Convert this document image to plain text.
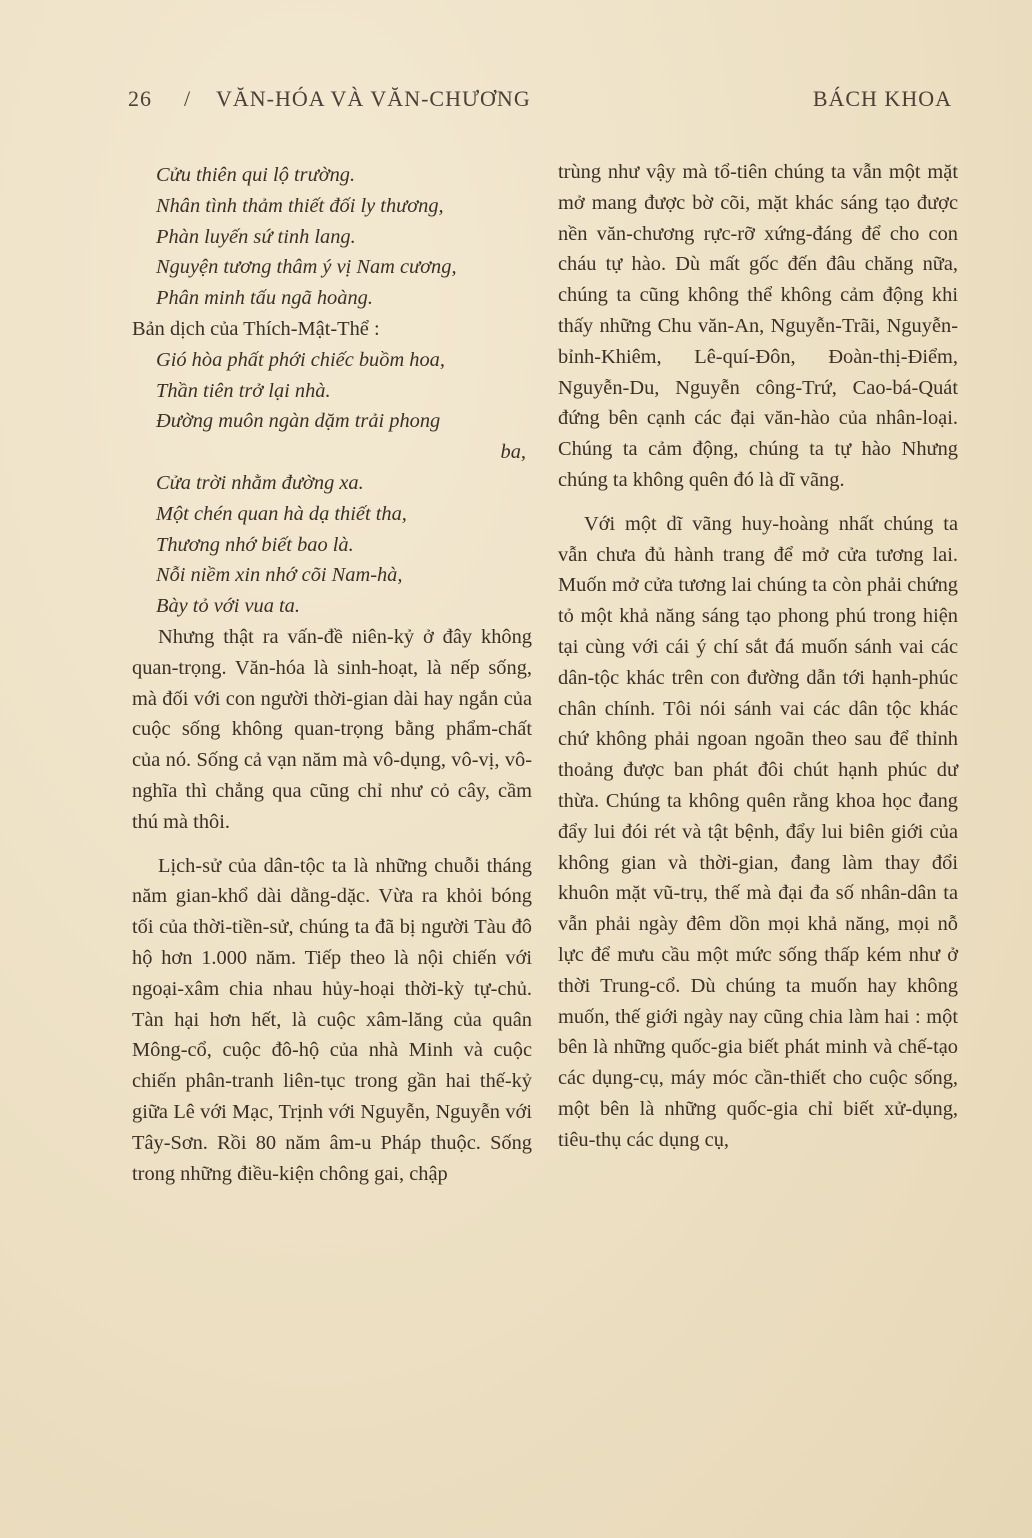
26 / VĂN-HÓA VÀ VĂN-CHƯƠNG	BÁCH KHOA
Cửu thiên qui lộ trường.
Nhân tình thảm thiết đối ly thương,
Phàn luyến sứ tinh lang.
Nguyện tương thâm ý vị Nam cương,
Phân minh tấu ngã hoàng.

Bản dịch của Thích-Mật-Thể :

Gió hòa phất phới chiếc buồm hoa,
Thần tiên trở lại nhà.
Đường muôn ngàn dặm trải phong
ba,
Cửa trời nhằm đường xa.
Một chén quan hà dạ thiết tha,
Thương nhớ biết bao là.
Nỗi niềm xin nhớ cõi Nam-hà,
Bày tỏ với vua ta.

Nhưng thật ra vấn-đề niên-kỷ ở đây không quan-trọng. Văn-hóa là sinh-hoạt, là nếp sống, mà đối với con người thời-gian dài hay ngắn của cuộc sống không quan-trọng bằng phẩm-chất của nó. Sống cả vạn năm mà vô-dụng, vô-vị, vô-nghĩa thì chẳng qua cũng chỉ như cỏ cây, cầm thú mà thôi.

Lịch-sử của dân-tộc ta là những chuỗi tháng năm gian-khổ dài dằng-dặc. Vừa ra khỏi bóng tối của thời-tiền-sử, chúng ta đã bị người Tàu đô hộ hơn 1.000 năm. Tiếp theo là nội chiến với ngoại-xâm chia nhau hủy-hoại thời-kỳ tự-chủ. Tàn hại hơn hết, là cuộc xâm-lăng của quân Mông-cổ, cuộc đô-hộ của nhà Minh và cuộc chiến phân-tranh liên-tục trong gần hai thế-kỷ giữa Lê với Mạc, Trịnh với Nguyễn, Nguyễn với Tây-Sơn. Rồi 80 năm âm-u Pháp thuộc. Sống trong những điều-kiện chông gai, chập

trùng như vậy mà tổ-tiên chúng ta vẫn một mặt mở mang được bờ cõi, mặt khác sáng tạo được nền văn-chương rực-rỡ xứng-đáng để cho con cháu tự hào. Dù mất gốc đến đâu chăng nữa, chúng ta cũng không thể không cảm động khi thấy những Chu văn-An, Nguyễn-Trãi, Nguyễn-bỉnh-Khiêm, Lê-quí-Đôn, Đoàn-thị-Điểm, Nguyễn-Du, Nguyễn công-Trứ, Cao-bá-Quát đứng bên cạnh các đại văn-hào của nhân-loại. Chúng ta cảm động, chúng ta tự hào Nhưng chúng ta không quên đó là dĩ vãng.

Với một dĩ vãng huy-hoàng nhất chúng ta vẫn chưa đủ hành trang để mở cửa tương lai. Muốn mở cửa tương lai chúng ta còn phải chứng tỏ một khả năng sáng tạo phong phú trong hiện tại cùng với cái ý chí sắt đá muốn sánh vai các dân-tộc khác trên con đường dẫn tới hạnh-phúc chân chính. Tôi nói sánh vai các dân tộc khác chứ không phải ngoan ngoãn theo sau để thỉnh thoảng được ban phát đôi chút hạnh phúc dư thừa. Chúng ta không quên rằng khoa học đang đẩy lui đói rét và tật bệnh, đẩy lui biên giới của không gian và thời-gian, đang làm thay đổi khuôn mặt vũ-trụ, thế mà đại đa số nhân-dân ta vẫn phải ngày đêm dồn mọi khả năng, mọi nỗ lực để mưu cầu một mức sống thấp kém như ở thời Trung-cổ. Dù chúng ta muốn hay không muốn, thế giới ngày nay cũng chia làm hai : một bên là những quốc-gia biết phát minh và chế-tạo các dụng-cụ, máy móc cần-thiết cho cuộc sống, một bên là những quốc-gia chỉ biết xử-dụng, tiêu-thụ các dụng cụ,
